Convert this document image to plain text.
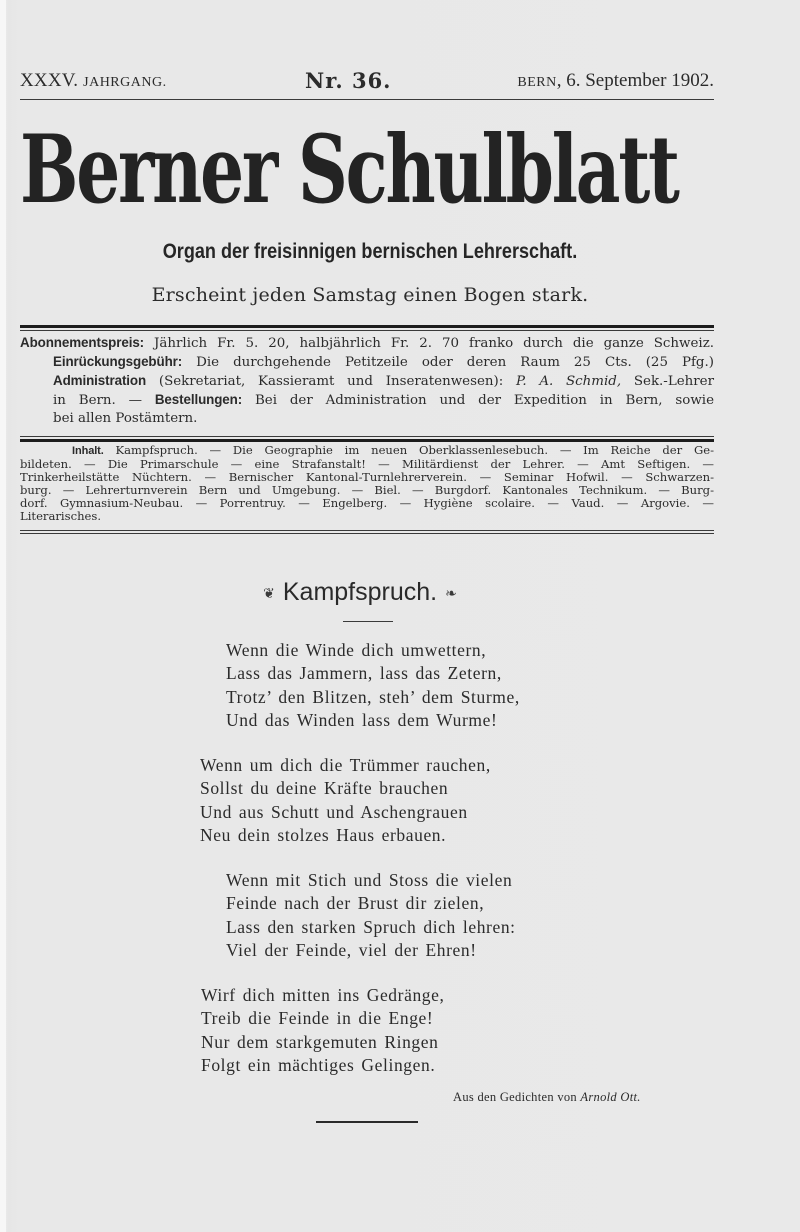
XXXV. JAHRGANG.	Nr. 36.	BERN, 6. September 1902.
Berner Schulblatt
Organ der freisinnigen bernischen Lehrerschaft.
Erscheint jeden Samstag einen Bogen stark.
Abonnementspreis: Jährlich Fr. 5. 20, halbjährlich Fr. 2. 70 franko durch die ganze Schweiz.
Einrückungsgebühr: Die durchgehende Petitzeile oder deren Raum 25 Cts. (25 Pfg.)
Administration (Sekretariat, Kassieramt und Inseratenwesen): P. A. Schmid, Sek.-Lehrer
in Bern. — Bestellungen: Bei der Administration und der Expedition in Bern, sowie
bei allen Postämtern.
Inhalt. Kampfspruch. — Die Geographie im neuen Oberklassenlesebuch. — Im Reiche der Ge-
bildeten. — Die Primarschule — eine Strafanstalt! — Militärdienst der Lehrer. — Amt Seftigen. —
Trinkerheilstätte Nüchtern. — Bernischer Kantonal-Turnlehrerverein. — Seminar Hofwil. — Schwarzen-
burg. — Lehrerturnverein Bern und Umgebung. — Biel. — Burgdorf. Kantonales Technikum. — Burg-
dorf. Gymnasium-Neubau. — Porrentruy. — Engelberg. — Hygiène scolaire. — Vaud. — Argovie. —
Literarisches.
❦ Kampfspruch. ❧
Wenn die Winde dich umwettern,
Lass das Jammern, lass das Zetern,
Trotz’ den Blitzen, steh’ dem Sturme,
Und das Winden lass dem Wurme!
Wenn um dich die Trümmer rauchen,
Sollst du deine Kräfte brauchen
Und aus Schutt und Aschengrauen
Neu dein stolzes Haus erbauen.
Wenn mit Stich und Stoss die vielen
Feinde nach der Brust dir zielen,
Lass den starken Spruch dich lehren:
Viel der Feinde, viel der Ehren!
Wirf dich mitten ins Gedränge,
Treib die Feinde in die Enge!
Nur dem starkgemuten Ringen
Folgt ein mächtiges Gelingen.
Aus den Gedichten von Arnold Ott.
